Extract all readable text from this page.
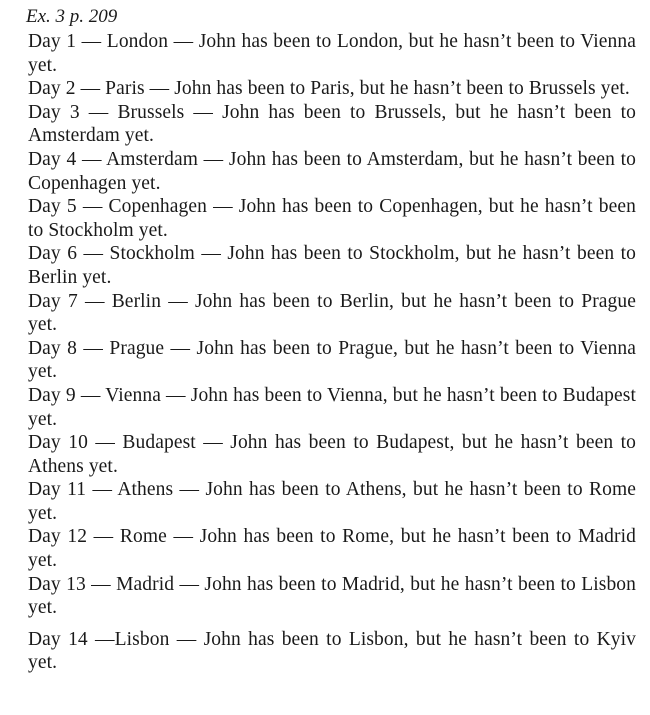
Ex. 3 p. 209
Day 1 — London — John has been to London, but he hasn’t been to Vienna yet.
Day 2 — Paris — John has been to Paris, but he hasn’t been to Brussels yet.
Day 3 — Brussels — John has been to Brussels, but he hasn’t been to Amsterdam yet.
Day 4 — Amsterdam — John has been to Amsterdam, but he hasn’t been to Copenhagen yet.
Day 5 — Copenhagen — John has been to Copenhagen, but he hasn’t been to Stockholm yet.
Day 6 — Stockholm — John has been to Stockholm, but he hasn’t been to Berlin yet.
Day 7 — Berlin — John has been to Berlin, but he hasn’t been to Prague yet.
Day 8 — Prague — John has been to Prague, but he hasn’t been to Vienna yet.
Day 9 — Vienna — John has been to Vienna, but he hasn’t been to Budapest yet.
Day 10 — Budapest — John has been to Budapest, but he hasn’t been to Athens yet.
Day 11 — Athens — John has been to Athens, but he hasn’t been to Rome yet.
Day 12 — Rome — John has been to Rome, but he hasn’t been to Madrid yet.
Day 13 — Madrid — John has been to Madrid, but he hasn’t been to Lisbon yet.
Day 14 —Lisbon — John has been to Lisbon, but he hasn’t been to Kyiv yet.
